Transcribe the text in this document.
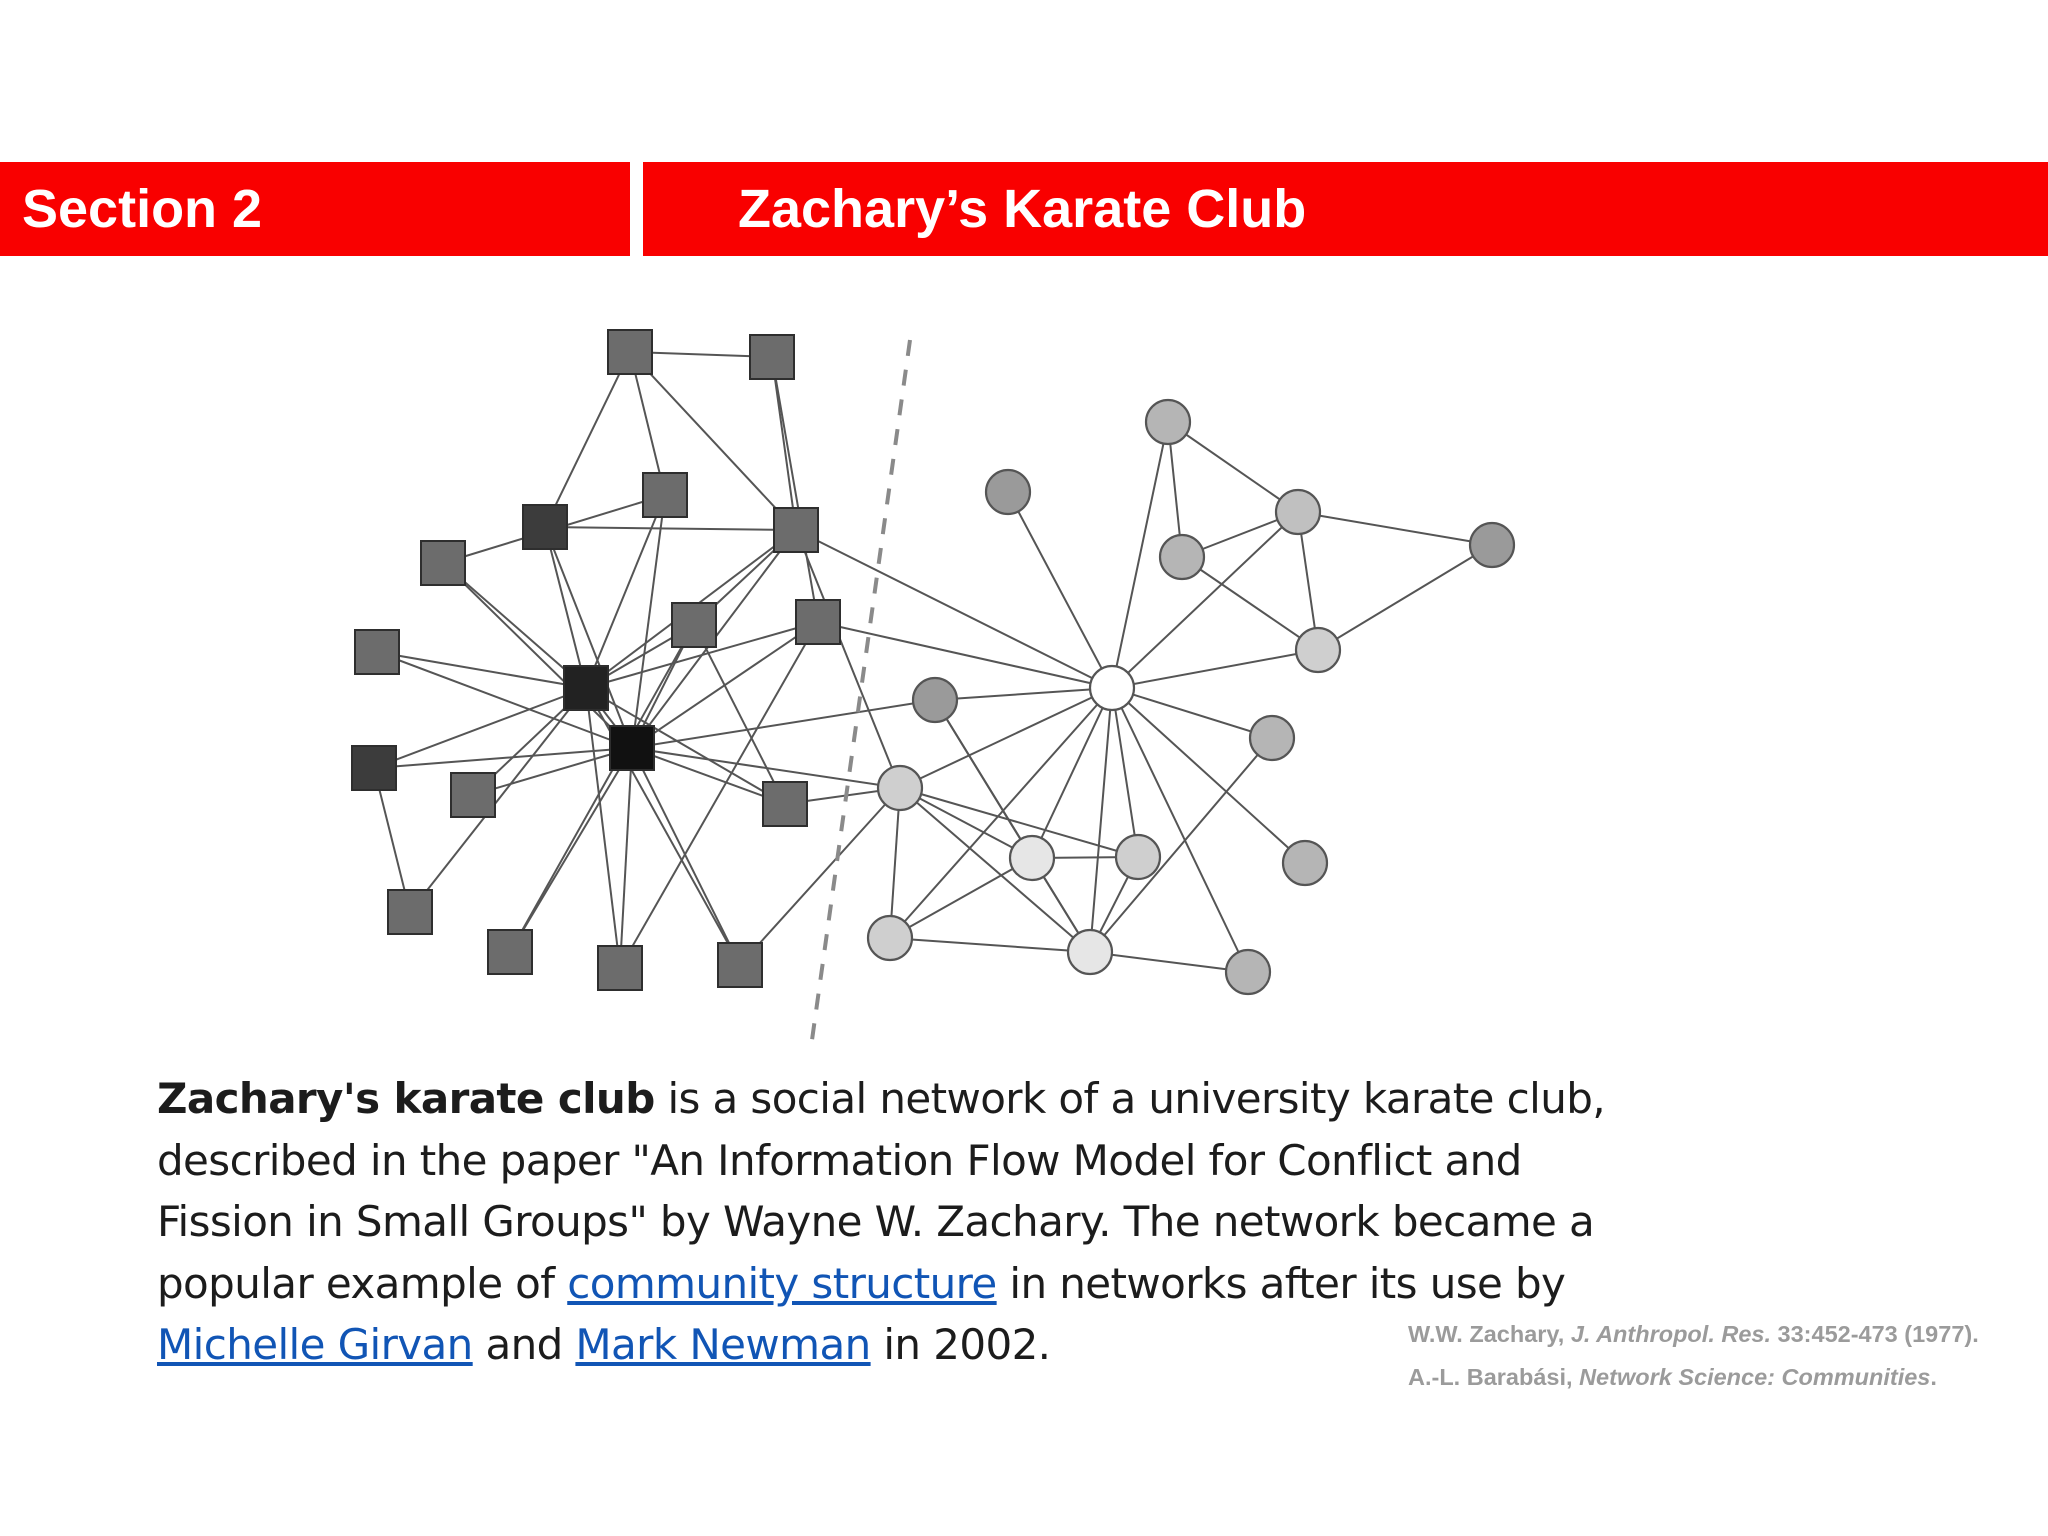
Section 2	Zachary’s Karate Club

Zachary's karate club is a social network of a university karate club, described in the paper "An Information Flow Model for Conflict and Fission in Small Groups" by Wayne W. Zachary. The network became a popular example of community structure in networks after its use by Michelle Girvan and Mark Newman in 2002.	W.W. Zachary, J. Anthropol. Res. 33:452-473 (1977).
A.-L. Barabási, Network Science: Communities.
